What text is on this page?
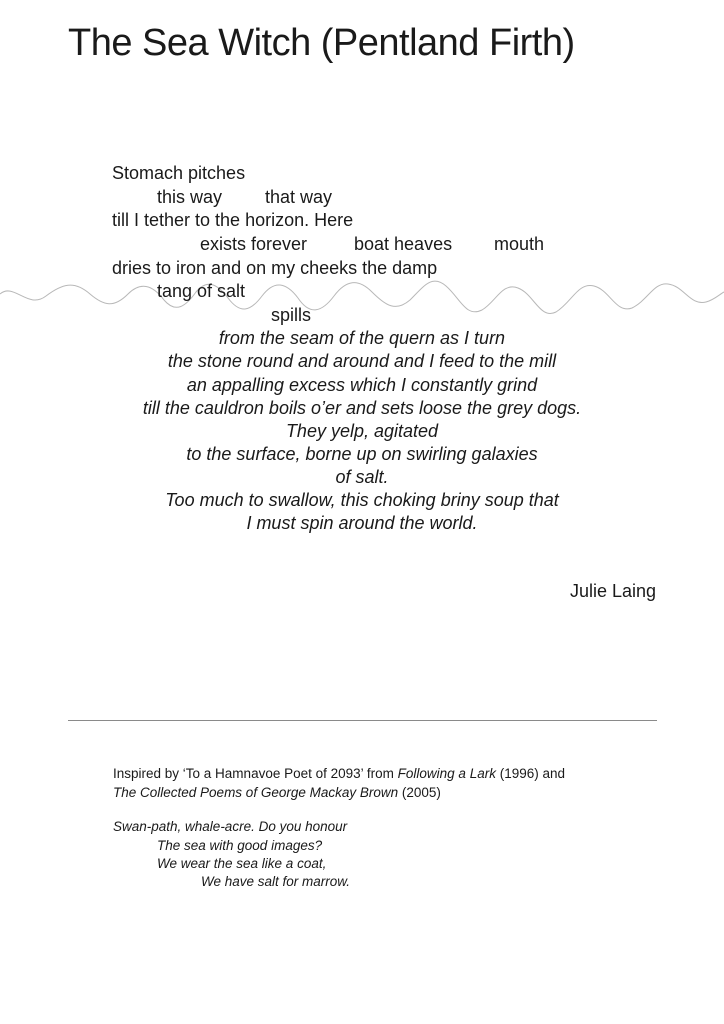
The Sea Witch (Pentland Firth)
Stomach pitches
this way that way
till I tether to the horizon. Here
exists forever	boat heaves mouth
dries to iron and on my cheeks the damp
tang of salt
spills
from the seam of the quern as I turn
the stone round and around and I feed to the mill
an appalling excess which I constantly grind
till the cauldron boils o’er and sets loose the grey dogs.
They yelp, agitated
to the surface, borne up on swirling galaxies
of salt.
Too much to swallow, this choking briny soup that
I must spin around the world.
Julie Laing
Inspired by ‘To a Hamnavoe Poet of 2093’ from Following a Lark (1996) and
The Collected Poems of George Mackay Brown (2005)
Swan-path, whale-acre. Do you honour
The sea with good images?
We wear the sea like a coat,
We have salt for marrow.
